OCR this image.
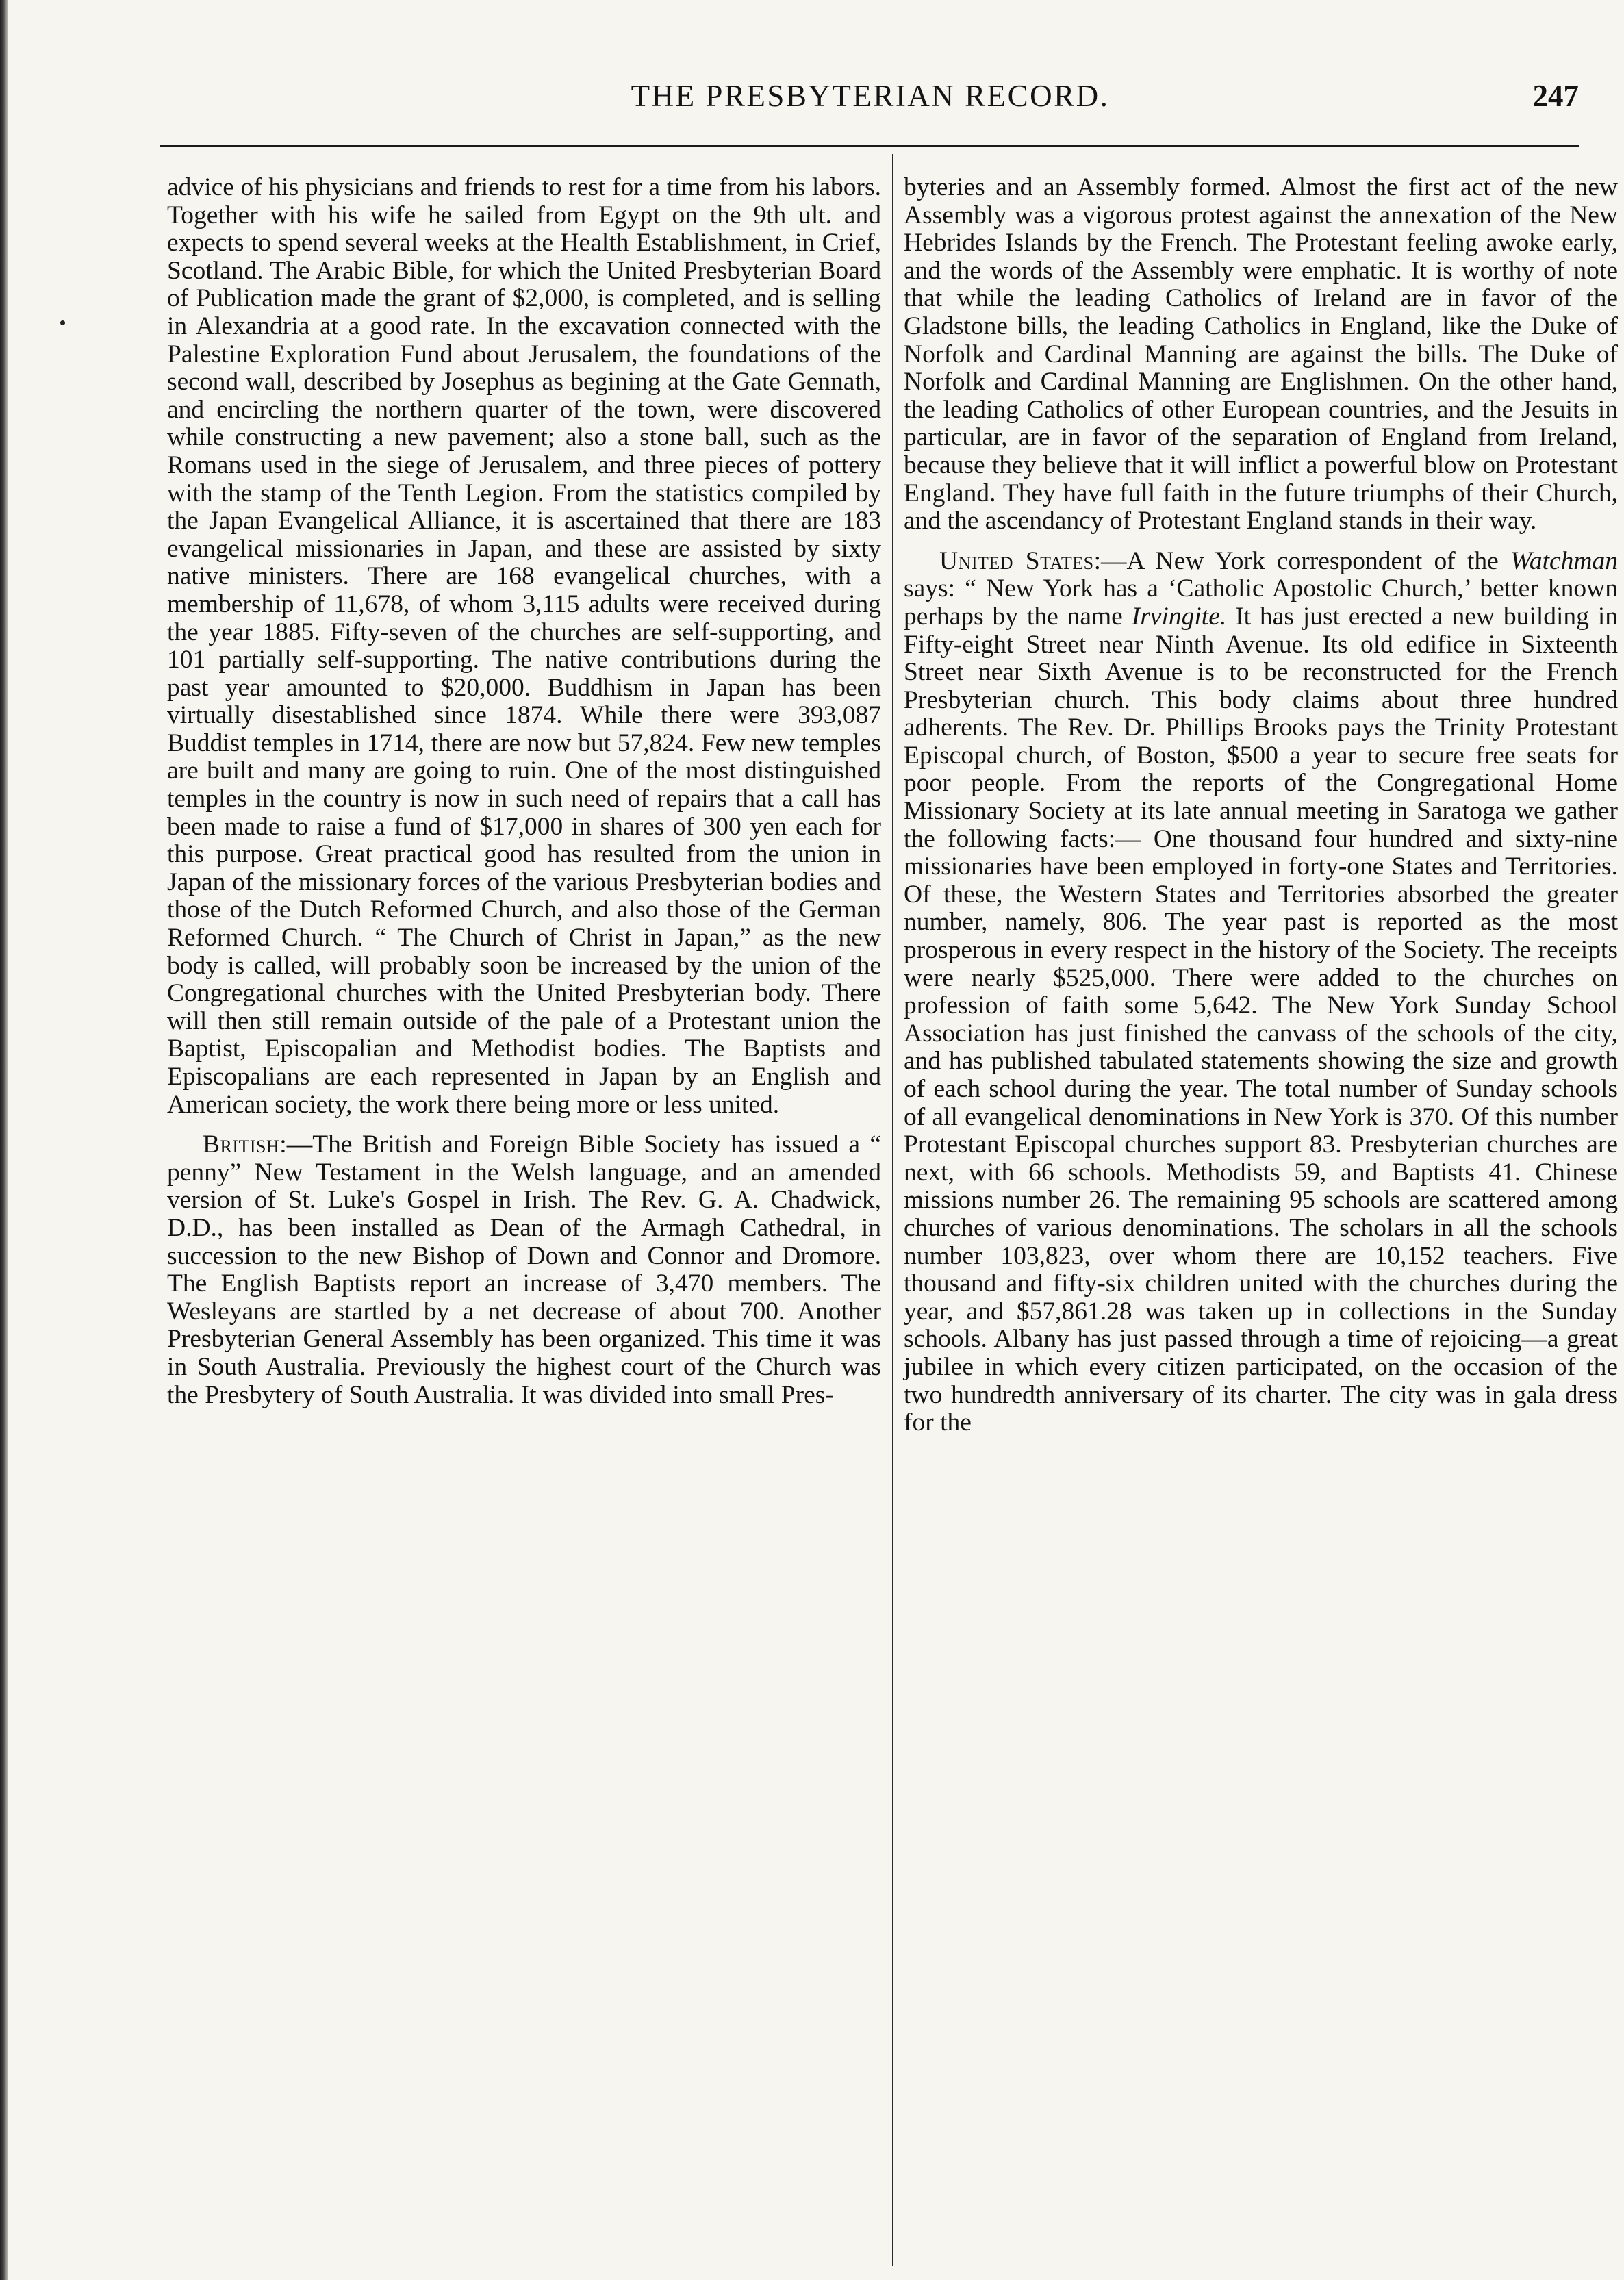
THE PRESBYTERIAN RECORD.	247

advice of his physicians and friends to rest for a time from his labors. Together with his wife he sailed from Egypt on the 9th ult. and expects to spend several weeks at the Health Establishment, in Crief, Scotland. The Arabic Bible, for which the United Presbyterian Board of Publication made the grant of $2,000, is completed, and is selling in Alexandria at a good rate. In the excavation connected with the Palestine Exploration Fund about Jerusalem, the foundations of the second wall, described by Josephus as begining at the Gate Gennath, and encircling the northern quarter of the town, were discovered while constructing a new pavement; also a stone ball, such as the Romans used in the siege of Jerusalem, and three pieces of pottery with the stamp of the Tenth Legion. From the statistics compiled by the Japan Evangelical Alliance, it is ascertained that there are 183 evangelical missionaries in Japan, and these are assisted by sixty native ministers. There are 168 evangelical churches, with a membership of 11,678, of whom 3,115 adults were received during the year 1885. Fifty-seven of the churches are self-supporting, and 101 partially self-supporting. The native contributions during the past year amounted to $20,000. Buddhism in Japan has been virtually disestablished since 1874. While there were 393,087 Buddist temples in 1714, there are now but 57,824. Few new temples are built and many are going to ruin. One of the most distinguished temples in the country is now in such need of repairs that a call has been made to raise a fund of $17,000 in shares of 300 yen each for this purpose. Great practical good has resulted from the union in Japan of the missionary forces of the various Presbyterian bodies and those of the Dutch Reformed Church, and also those of the German Reformed Church. “ The Church of Christ in Japan,” as the new body is called, will probably soon be increased by the union of the Congregational churches with the United Presbyterian body. There will then still remain outside of the pale of a Protestant union the Baptist, Episcopalian and Methodist bodies. The Baptists and Episcopalians are each represented in Japan by an English and American society, the work there being more or less united.

British:—The British and Foreign Bible Society has issued a “ penny” New Testament in the Welsh language, and an amended version of St. Luke's Gospel in Irish. The Rev. G. A. Chadwick, D.D., has been installed as Dean of the Armagh Cathedral, in succession to the new Bishop of Down and Connor and Dromore. The English Baptists report an increase of 3,470 members. The Wesleyans are startled by a net decrease of about 700. Another Presbyterian General Assembly has been organized. This time it was in South Australia. Previously the highest court of the Church was the Presbytery of South Australia. It was divided into small Pres-

byteries and an Assembly formed. Almost the first act of the new Assembly was a vigorous protest against the annexation of the New Hebrides Islands by the French. The Protestant feeling awoke early, and the words of the Assembly were emphatic. It is worthy of note that while the leading Catholics of Ireland are in favor of the Gladstone bills, the leading Catholics in England, like the Duke of Norfolk and Cardinal Manning are against the bills. The Duke of Norfolk and Cardinal Manning are Englishmen. On the other hand, the leading Catholics of other European countries, and the Jesuits in particular, are in favor of the separation of England from Ireland, because they believe that it will inflict a powerful blow on Protestant England. They have full faith in the future triumphs of their Church, and the ascendancy of Protestant England stands in their way.

United States:—A New York correspondent of the Watchman says: “ New York has a ‘Catholic Apostolic Church,’ better known perhaps by the name Irvingite. It has just erected a new building in Fifty-eight Street near Ninth Avenue. Its old edifice in Sixteenth Street near Sixth Avenue is to be reconstructed for the French Presbyterian church. This body claims about three hundred adherents. The Rev. Dr. Phillips Brooks pays the Trinity Protestant Episcopal church, of Boston, $500 a year to secure free seats for poor people. From the reports of the Congregational Home Missionary Society at its late annual meeting in Saratoga we gather the following facts:— One thousand four hundred and sixty-nine missionaries have been employed in forty-one States and Territories. Of these, the Western States and Territories absorbed the greater number, namely, 806. The year past is reported as the most prosperous in every respect in the history of the Society. The receipts were nearly $525,000. There were added to the churches on profession of faith some 5,642. The New York Sunday School Association has just finished the canvass of the schools of the city, and has published tabulated statements showing the size and growth of each school during the year. The total number of Sunday schools of all evangelical denominations in New York is 370. Of this number Protestant Episcopal churches support 83. Presbyterian churches are next, with 66 schools. Methodists 59, and Baptists 41. Chinese missions number 26. The remaining 95 schools are scattered among churches of various denominations. The scholars in all the schools number 103,823, over whom there are 10,152 teachers. Five thousand and fifty-six children united with the churches during the year, and $57,861.28 was taken up in collections in the Sunday schools. Albany has just passed through a time of rejoicing—a great jubilee in which every citizen participated, on the occasion of the two hundredth anniversary of its charter. The city was in gala dress for the
